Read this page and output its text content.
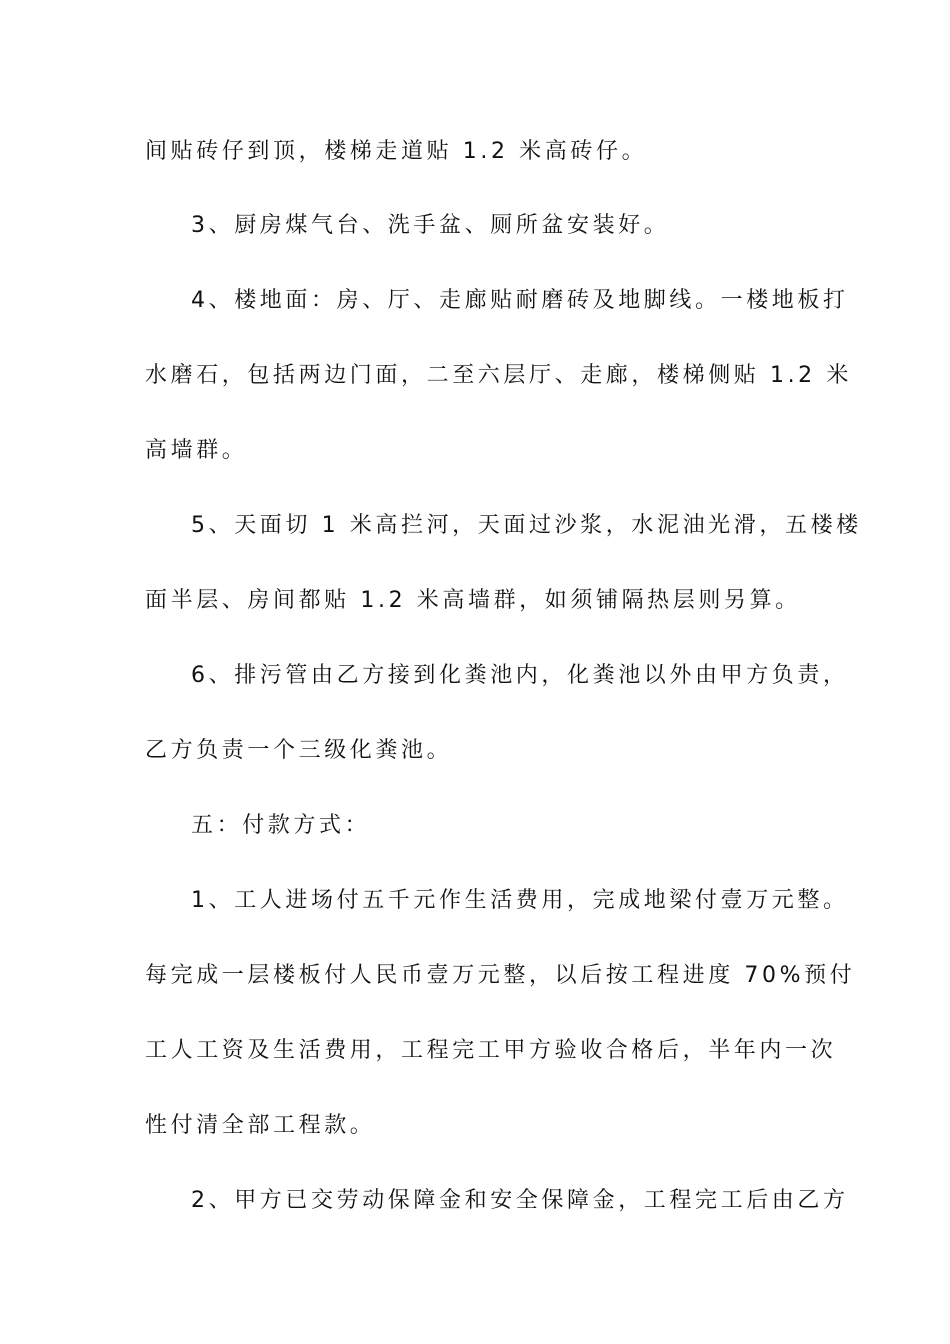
间贴砖仔到顶，楼梯走道贴 1.2 米高砖仔。
3、厨房煤气台、洗手盆、厕所盆安装好。
4、楼地面：房、厅、走廊贴耐磨砖及地脚线。一楼地板打
水磨石，包括两边门面，二至六层厅、走廊，楼梯侧贴 1.2 米
高墙群。
5、天面切 1 米高拦河，天面过沙浆，水泥油光滑，五楼楼
面半层、房间都贴 1.2 米高墙群，如须铺隔热层则另算。
6、排污管由乙方接到化粪池内，化粪池以外由甲方负责，
乙方负责一个三级化粪池。
五：付款方式：
1、工人进场付五千元作生活费用，完成地梁付壹万元整。
每完成一层楼板付人民币壹万元整，以后按工程进度 70%预付
工人工资及生活费用，工程完工甲方验收合格后，半年内一次
性付清全部工程款。
2、甲方已交劳动保障金和安全保障金，工程完工后由乙方
